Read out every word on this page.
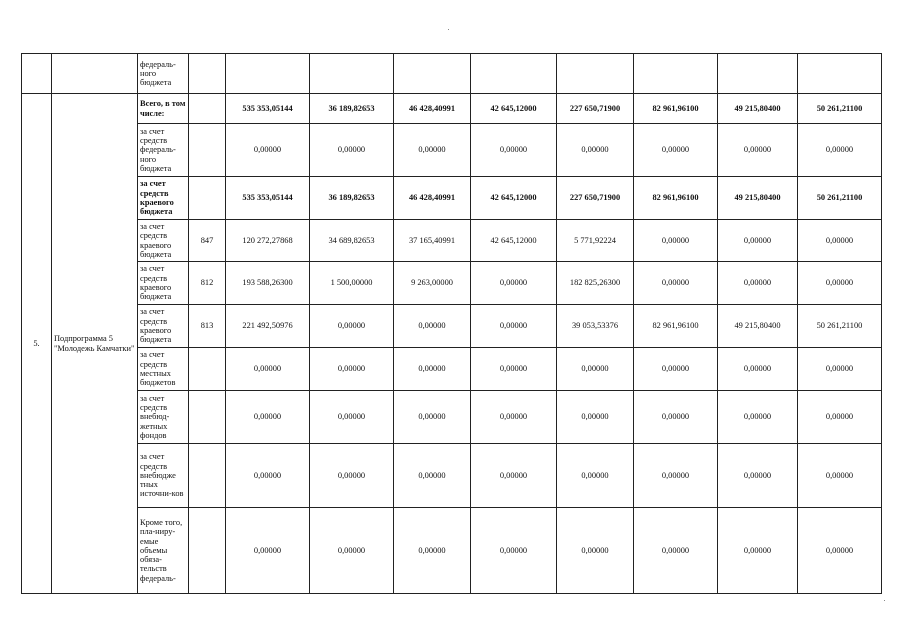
		федераль-ного бюджета									
5.	Подпрограмма 5 "Молодежь Камчатки"	Всего, в том числе:		535 353,05144	36 189,82653	46 428,40991	42 645,12000	227 650,71900	82 961,96100	49 215,80400	50 261,21100
		за счет средств федераль-ного бюджета		0,00000	0,00000	0,00000	0,00000	0,00000	0,00000	0,00000	0,00000
		за счет средств краевого бюджета		535 353,05144	36 189,82653	46 428,40991	42 645,12000	227 650,71900	82 961,96100	49 215,80400	50 261,21100
		за счет средств краевого бюджета	847	120 272,27868	34 689,82653	37 165,40991	42 645,12000	5 771,92224	0,00000	0,00000	0,00000
		за счет средств краевого бюджета	812	193 588,26300	1 500,00000	9 263,00000	0,00000	182 825,26300	0,00000	0,00000	0,00000
		за счет средств краевого бюджета	813	221 492,50976	0,00000	0,00000	0,00000	39 053,53376	82 961,96100	49 215,80400	50 261,21100
		за счет средств местных бюджетов		0,00000	0,00000	0,00000	0,00000	0,00000	0,00000	0,00000	0,00000
		за счет средств внебюд-жетных фондов		0,00000	0,00000	0,00000	0,00000	0,00000	0,00000	0,00000	0,00000
		за счет средств внебюдже тных источни-ков		0,00000	0,00000	0,00000	0,00000	0,00000	0,00000	0,00000	0,00000
		Кроме того, пла-ниру-емые объемы обяза-тельств федераль-		0,00000	0,00000	0,00000	0,00000	0,00000	0,00000	0,00000	0,00000
